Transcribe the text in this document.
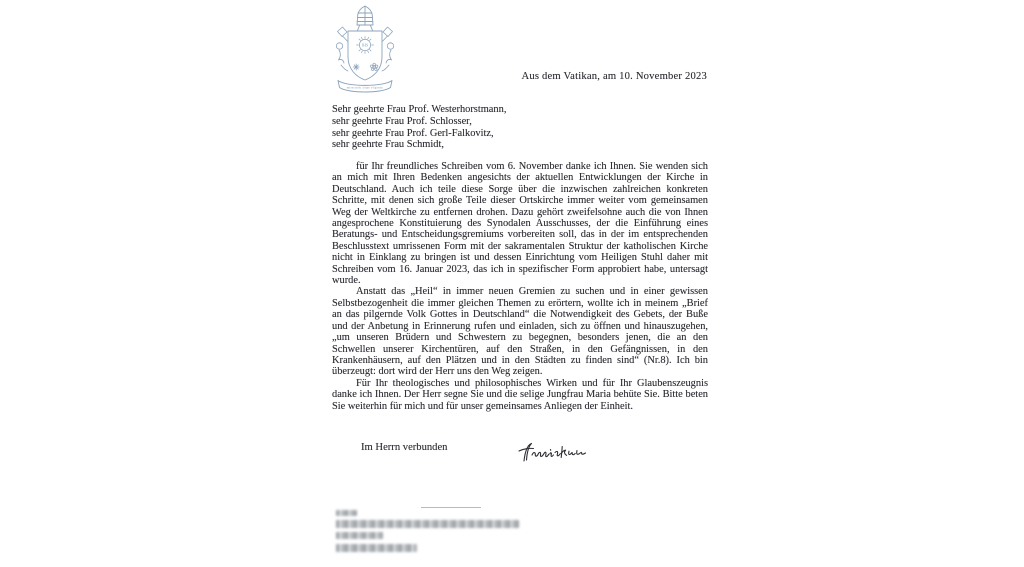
IHS
miserando atque eligendo
Aus dem Vatikan, am 10. November 2023
Sehr geehrte Frau Prof. Westerhorstmann,
sehr geehrte Frau Prof. Schlosser,
sehr geehrte Frau Prof. Gerl-Falkovitz,
sehr geehrte Frau Schmidt,

für Ihr freundliches Schreiben vom 6. November danke ich Ihnen. Sie wenden sich an mich mit Ihren Bedenken angesichts der aktuellen Entwicklungen der Kirche in Deutschland. Auch ich teile diese Sorge über die inzwischen zahlreichen konkreten Schritte, mit denen sich große Teile dieser Ortskirche immer weiter vom gemeinsamen Weg der Weltkirche zu entfernen drohen. Dazu gehört zweifelsohne auch die von Ihnen angesprochene Konstituierung des Synodalen Ausschusses, der die Einführung eines Beratungs- und Entscheidungsgremiums vorbereiten soll, das in der im entsprechenden Beschlusstext umrissenen Form mit der sakramentalen Struktur der katholischen Kirche nicht in Einklang zu bringen ist und dessen Einrichtung vom Heiligen Stuhl daher mit Schreiben vom 16. Januar 2023, das ich in spezifischer Form approbiert habe, untersagt wurde.

Anstatt das „Heil“ in immer neuen Gremien zu suchen und in einer gewissen Selbstbezogenheit die immer gleichen Themen zu erörtern, wollte ich in meinem „Brief an das pilgernde Volk Gottes in Deutschland“ die Notwendigkeit des Gebets, der Buße und der Anbetung in Erinnerung rufen und einladen, sich zu öffnen und hinauszugehen, „um unseren Brüdern und Schwestern zu begegnen, besonders jenen, die an den Schwellen unserer Kirchentüren, auf den Straßen, in den Gefängnissen, in den Krankenhäusern, auf den Plätzen und in den Städten zu finden sind“ (Nr.8). Ich bin überzeugt: dort wird der Herr uns den Weg zeigen.

Für Ihr theologisches und philosophisches Wirken und für Ihr Glaubenszeugnis danke ich Ihnen. Der Herr segne Sie und die selige Jungfrau Maria behüte Sie. Bitte beten Sie weiterhin für mich und für unser gemeinsames Anliegen der Einheit.

Im Herrn verbunden
